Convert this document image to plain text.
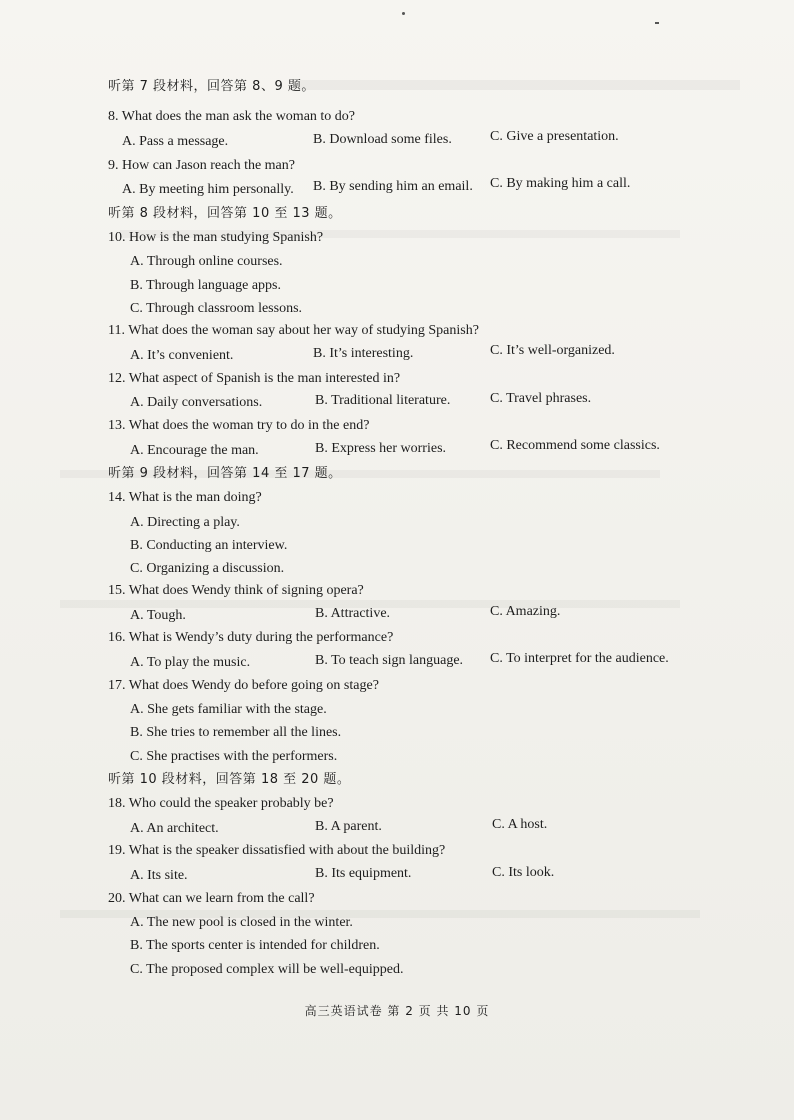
听第 7 段材料，回答第 8、9 题。
8. What does the man ask the woman to do?
A. Pass a message.	B. Download some files.	C. Give a presentation.
9. How can Jason reach the man?
A. By meeting him personally. B. By sending him an email. C. By making him a call.
听第 8 段材料，回答第 10 至 13 题。
10. How is the man studying Spanish?
A. Through online courses.
B. Through language apps.
C. Through classroom lessons.
11. What does the woman say about her way of studying Spanish?
A. It’s convenient.	B. It’s interesting.	C. It’s well-organized.
12. What aspect of Spanish is the man interested in?
A. Daily conversations.	B. Traditional literature.	C. Travel phrases.
13. What does the woman try to do in the end?
A. Encourage the man.	B. Express her worries.	C. Recommend some classics.
听第 9 段材料，回答第 14 至 17 题。
14. What is the man doing?
A. Directing a play.
B. Conducting an interview.
C. Organizing a discussion.
15. What does Wendy think of signing opera?
A. Tough.	B. Attractive.	C. Amazing.
16. What is Wendy’s duty during the performance?
A. To play the music.	B. To teach sign language. C. To interpret for the audience.
17. What does Wendy do before going on stage?
A. She gets familiar with the stage.
B. She tries to remember all the lines.
C. She practises with the performers.
听第 10 段材料，回答第 18 至 20 题。
18. Who could the speaker probably be?
A. An architect.	B. A parent.	C. A host.
19. What is the speaker dissatisfied with about the building?
A. Its site.	B. Its equipment.	C. Its look.
20. What can we learn from the call?
A. The new pool is closed in the winter.
B. The sports center is intended for children.
C. The proposed complex will be well-equipped.
高三英语试卷 第 2 页 共 10 页
